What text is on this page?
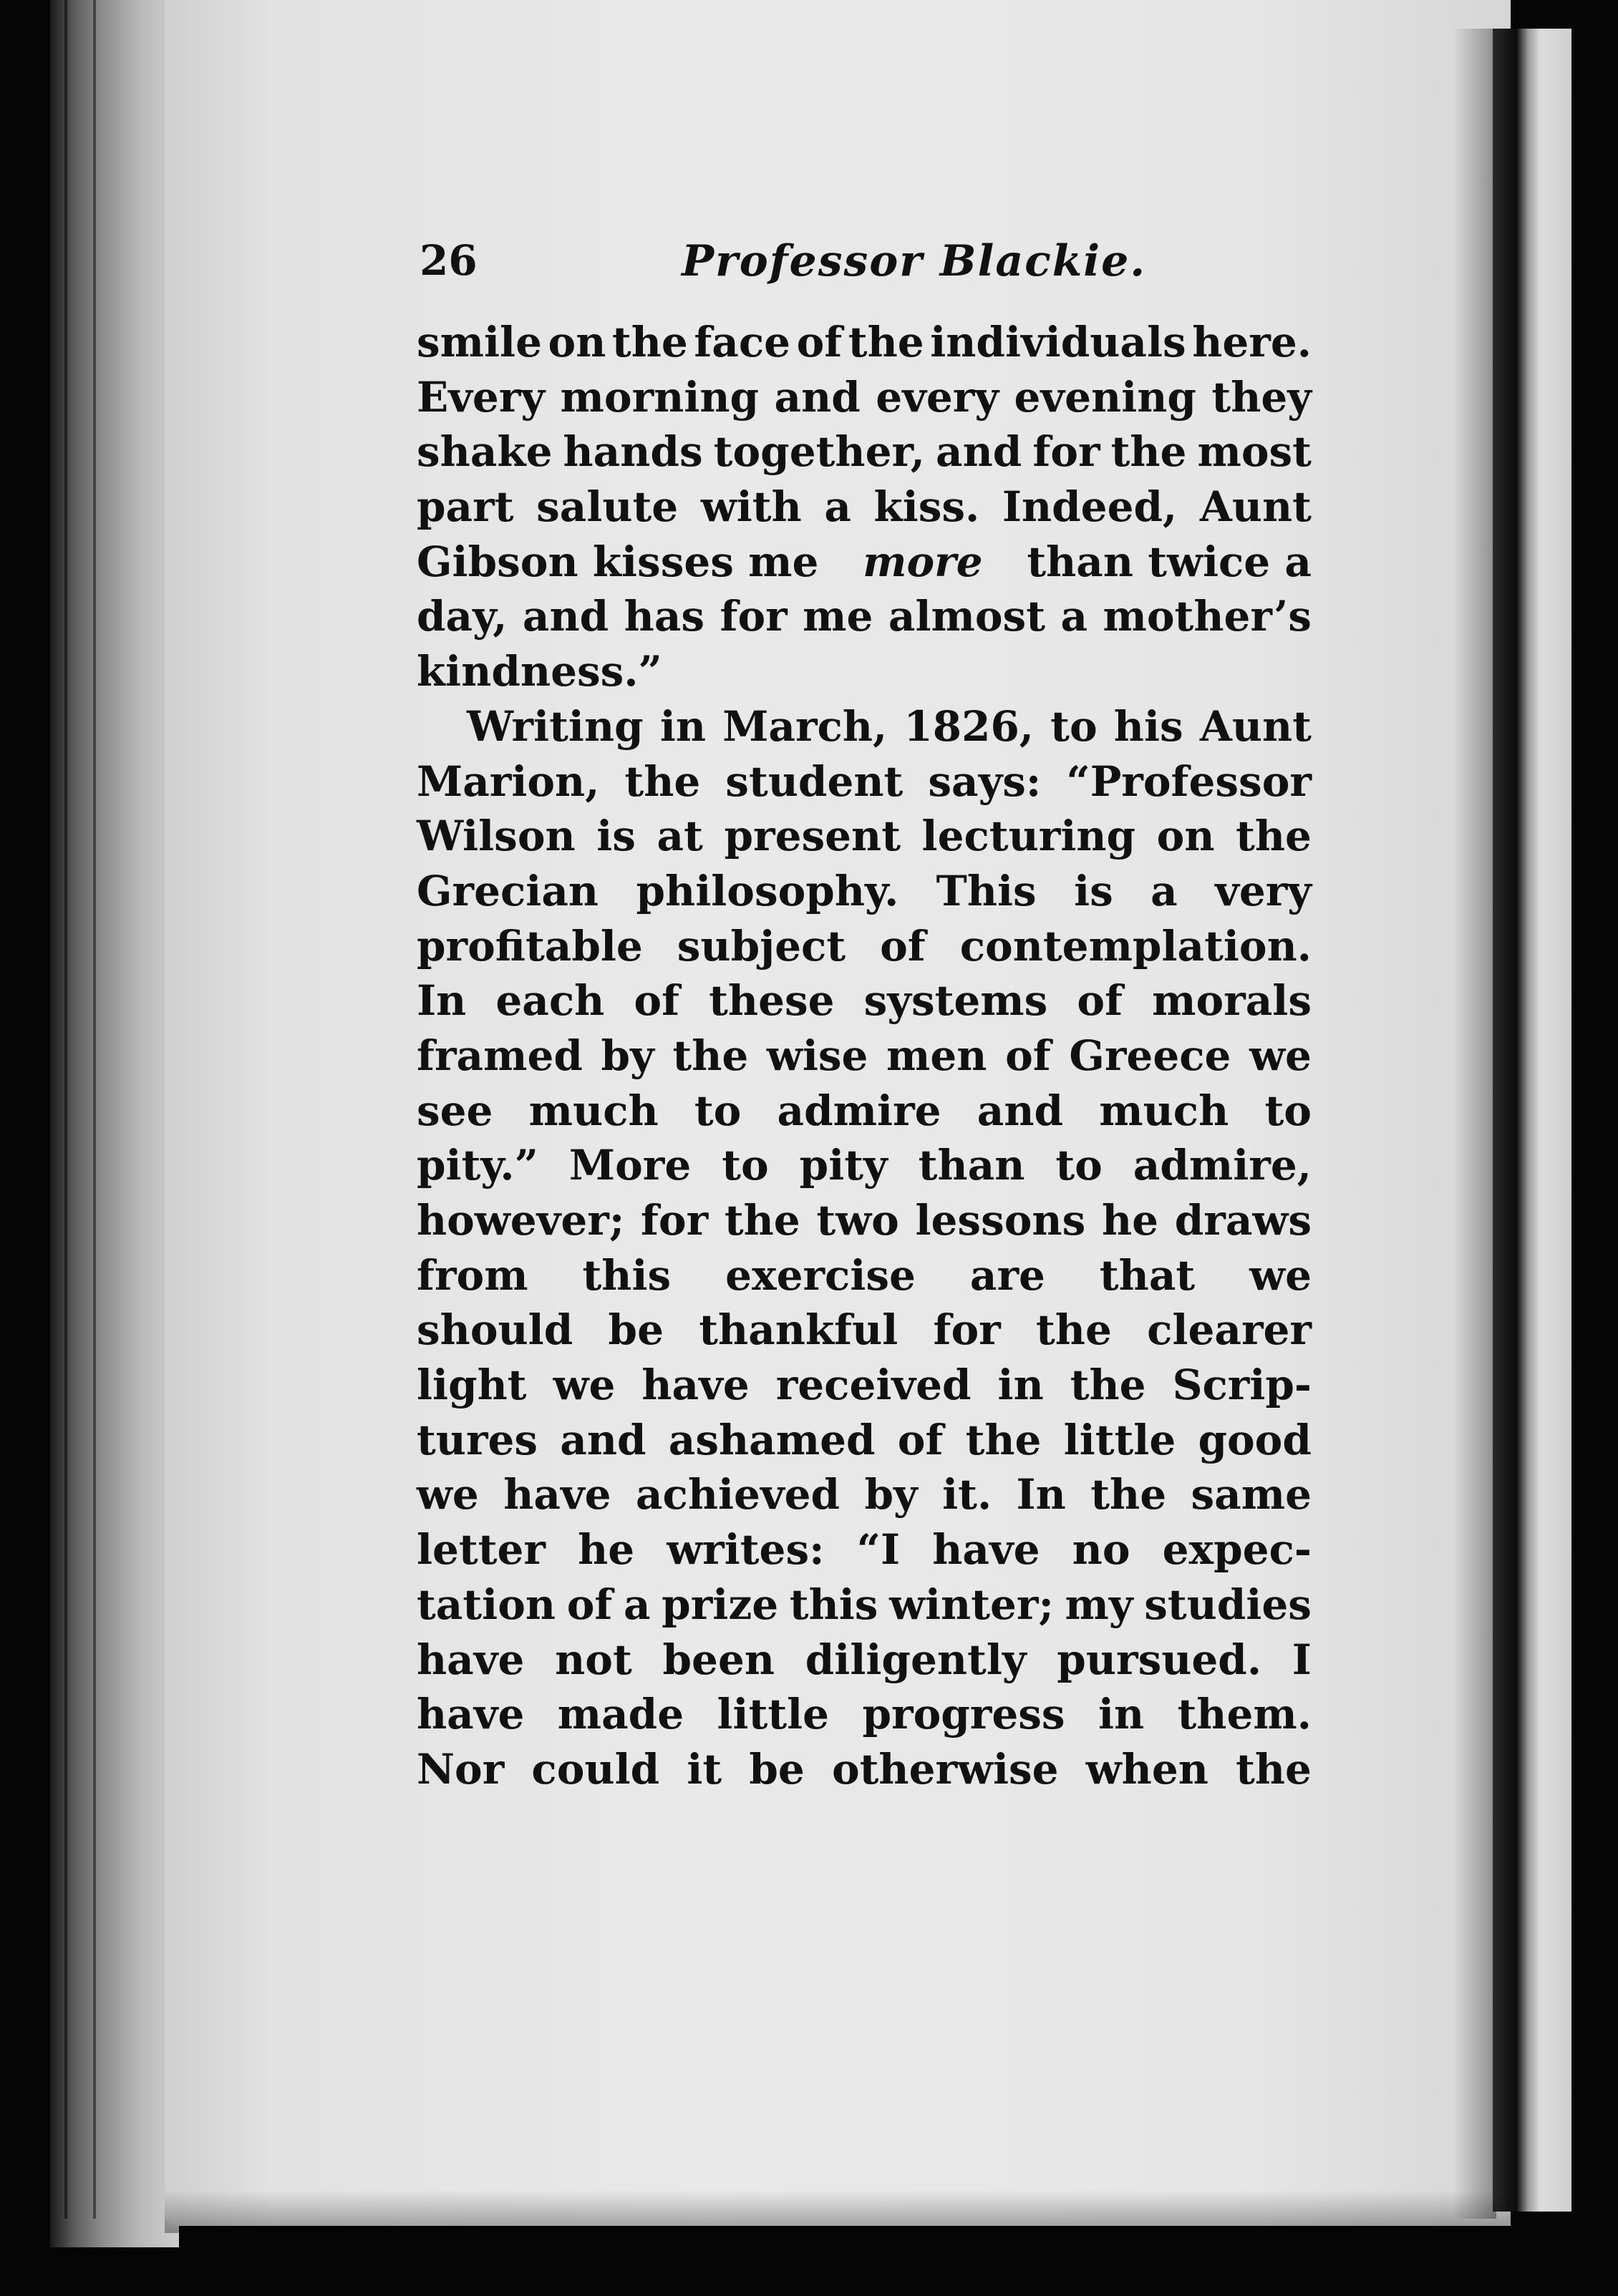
26	Professor Blackie.
smile on the face of the individuals here.
Every morning and every evening they
shake hands together, and for the most
part salute with a kiss. Indeed, Aunt
Gibson kisses me more than twice a
day, and has for me almost a mother’s
kindness.”
Writing in March, 1826, to his Aunt
Marion, the student says: “Professor
Wilson is at present lecturing on the
Grecian philosophy. This is a very
profitable subject of contemplation.
In each of these systems of morals
framed by the wise men of Greece we
see much to admire and much to
pity.” More to pity than to admire,
however; for the two lessons he draws
from this exercise are that we
should be thankful for the clearer
light we have received in the Scrip-
tures and ashamed of the little good
we have achieved by it. In the same
letter he writes: “I have no expec-
tation of a prize this winter; my studies
have not been diligently pursued. I
have made little progress in them.
Nor could it be otherwise when the
